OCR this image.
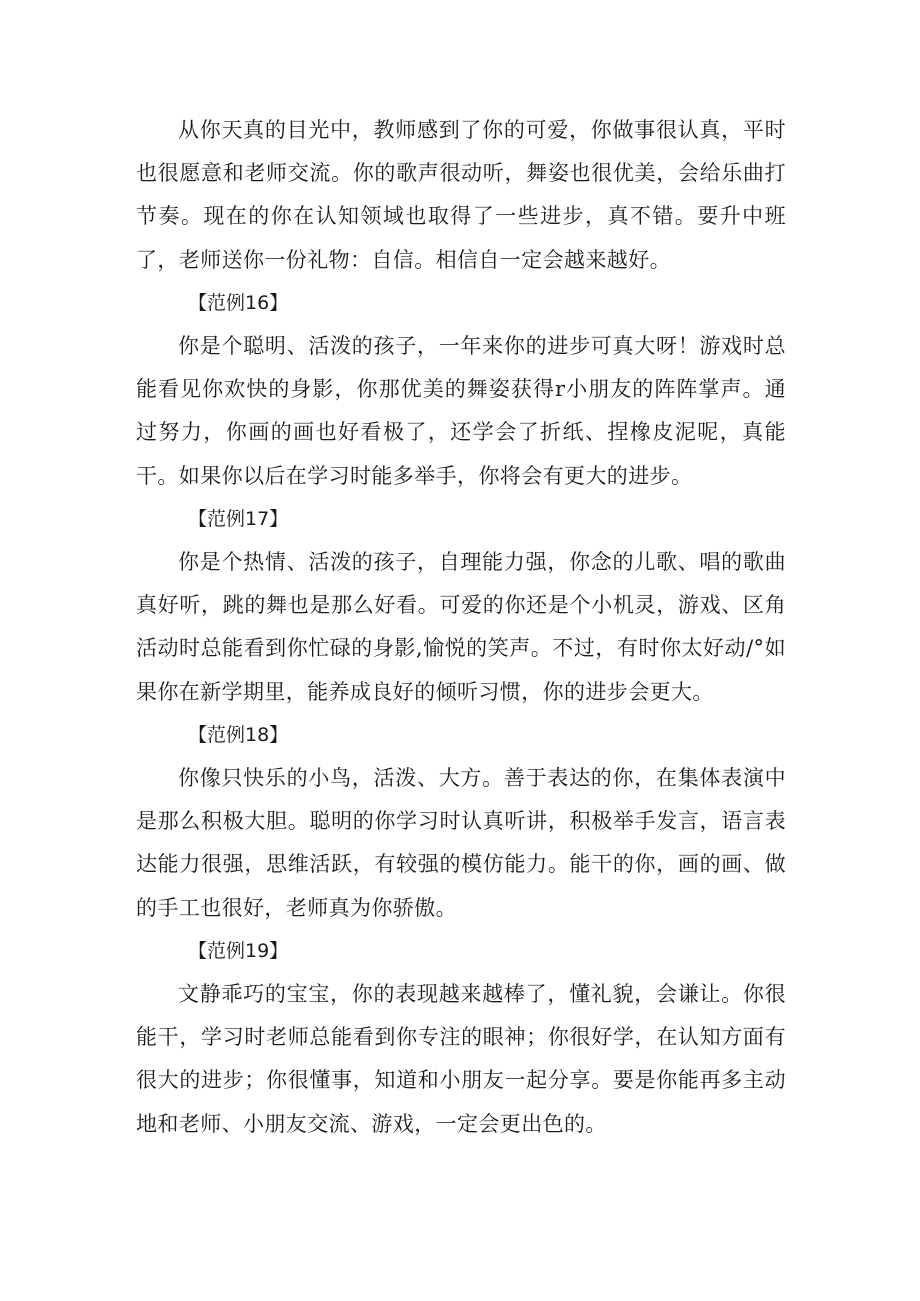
从你天真的目光中，教师感到了你的可爱，你做事很认真，平时也很愿意和老师交流。你的歌声很动听，舞姿也很优美，会给乐曲打节奏。现在的你在认知领域也取得了一些进步，真不错。要升中班了，老师送你一份礼物：自信。相信自一定会越来越好。

【范例16】

你是个聪明、活泼的孩子，一年来你的进步可真大呀！游戏时总能看见你欢快的身影，你那优美的舞姿获得r小朋友的阵阵掌声。通过努力，你画的画也好看极了，还学会了折纸、捏橡皮泥呢，真能干。如果你以后在学习时能多举手，你将会有更大的进步。

【范例17】

你是个热情、活泼的孩子，自理能力强，你念的儿歌、唱的歌曲真好听，跳的舞也是那么好看。可爱的你还是个小机灵，游戏、区角活动时总能看到你忙碌的身影,愉悦的笑声。不过，有时你太好动/°如果你在新学期里，能养成良好的倾听习惯，你的进步会更大。

【范例18】

你像只快乐的小鸟，活泼、大方。善于表达的你，在集体表演中是那么积极大胆。聪明的你学习时认真听讲，积极举手发言，语言表达能力很强，思维活跃，有较强的模仿能力。能干的你，画的画、做的手工也很好，老师真为你骄傲。

【范例19】

文静乖巧的宝宝，你的表现越来越棒了，懂礼貌，会谦让。你很能干，学习时老师总能看到你专注的眼神；你很好学，在认知方面有很大的进步；你很懂事，知道和小朋友一起分享。要是你能再多主动地和老师、小朋友交流、游戏，一定会更出色的。
